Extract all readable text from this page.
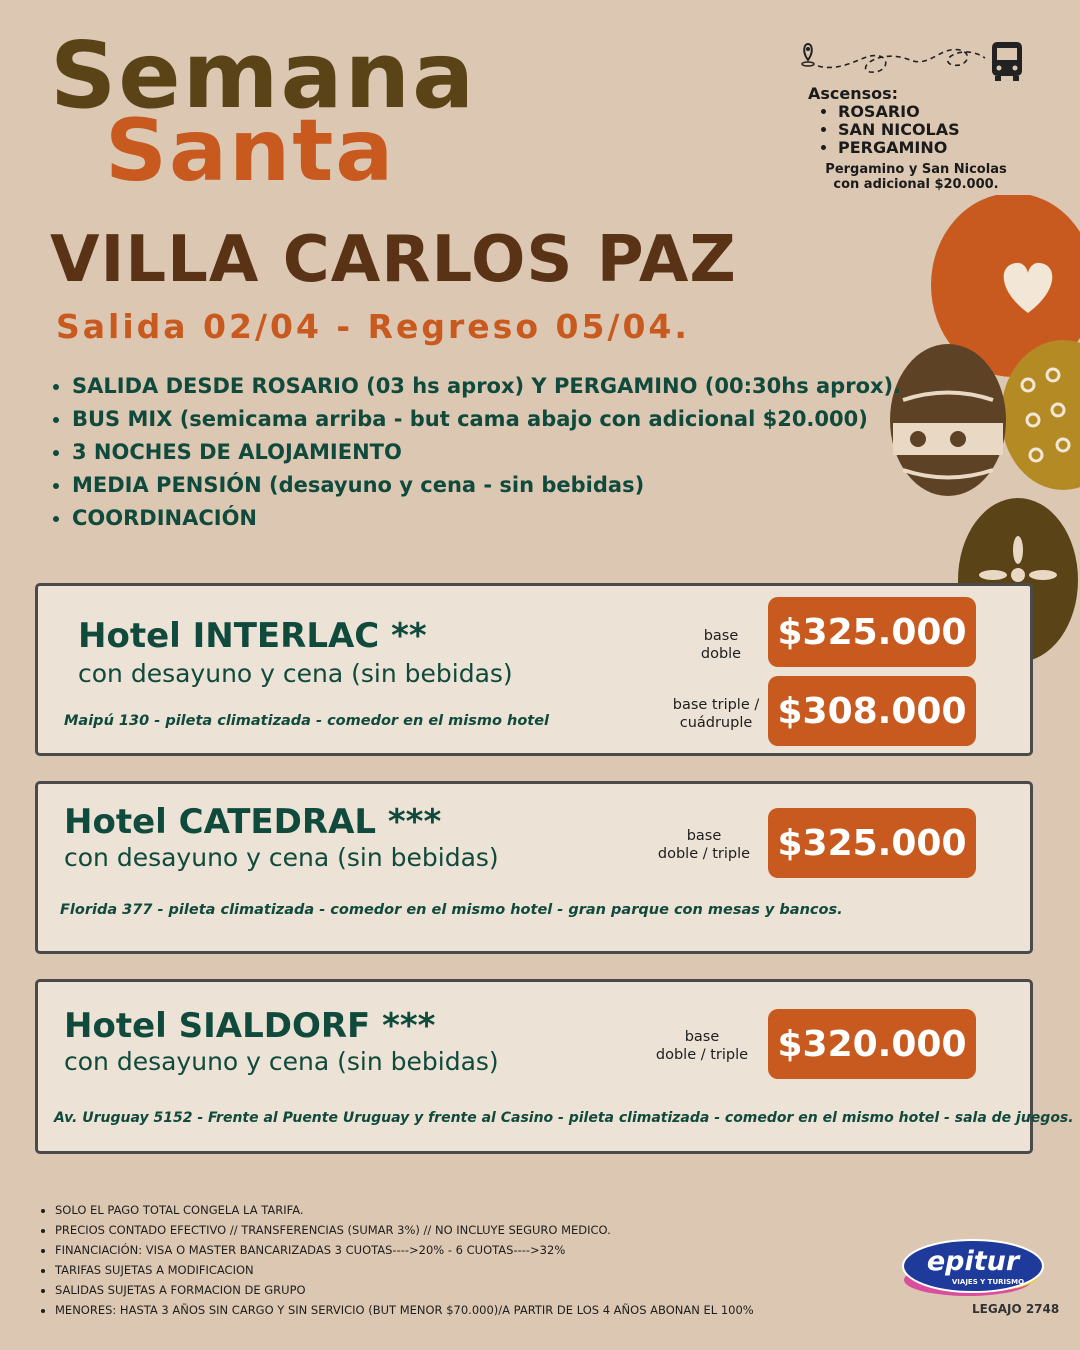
Semana
Santa
Ascensos:
• ROSARIO
• SAN NICOLAS
• PERGAMINO
Pergamino y San Nicolas
con adicional $20.000.
VILLA CARLOS PAZ
Salida 02/04 - Regreso 05/04.
• SALIDA DESDE ROSARIO (03 hs aprox) Y PERGAMINO (00:30hs aprox).
• BUS MIX (semicama arriba - but cama abajo con adicional $20.000)
• 3 NOCHES DE ALOJAMIENTO
• MEDIA PENSIÓN (desayuno y cena - sin bebidas)
• COORDINACIÓN
Hotel INTERLAC **
con desayuno y cena (sin bebidas)
Maipú 130 - pileta climatizada - comedor en el mismo hotel
base
doble
$325.000
base triple /
cuádruple $308.000
Hotel CATEDRAL ***
con desayuno y cena (sin bebidas)
Florida 377 - pileta climatizada - comedor en el mismo hotel - gran parque con mesas y bancos.
base
doble / triple $325.000
Hotel SIALDORF ***
con desayuno y cena (sin bebidas)
Av. Uruguay 5152 - Frente al Puente Uruguay y frente al Casino - pileta climatizada - comedor en el mismo hotel - sala de juegos.
base
doble / triple $320.000
• SOLO EL PAGO TOTAL CONGELA LA TARIFA.
• PRECIOS CONTADO EFECTIVO // TRANSFERENCIAS (SUMAR 3%) // NO INCLUYE SEGURO MEDICO.
• FINANCIACIÓN: VISA O MASTER BANCARIZADAS 3 CUOTAS---->20% - 6 CUOTAS---->32%
• TARIFAS SUJETAS A MODIFICACION
• SALIDAS SUJETAS A FORMACION DE GRUPO
• MENORES: HASTA 3 AÑOS SIN CARGO Y SIN SERVICIO (BUT MENOR $70.000)/A PARTIR DE LOS 4 AÑOS ABONAN EL 100%
epitur
VIAJES Y TURISMO
LEGAJO 2748
